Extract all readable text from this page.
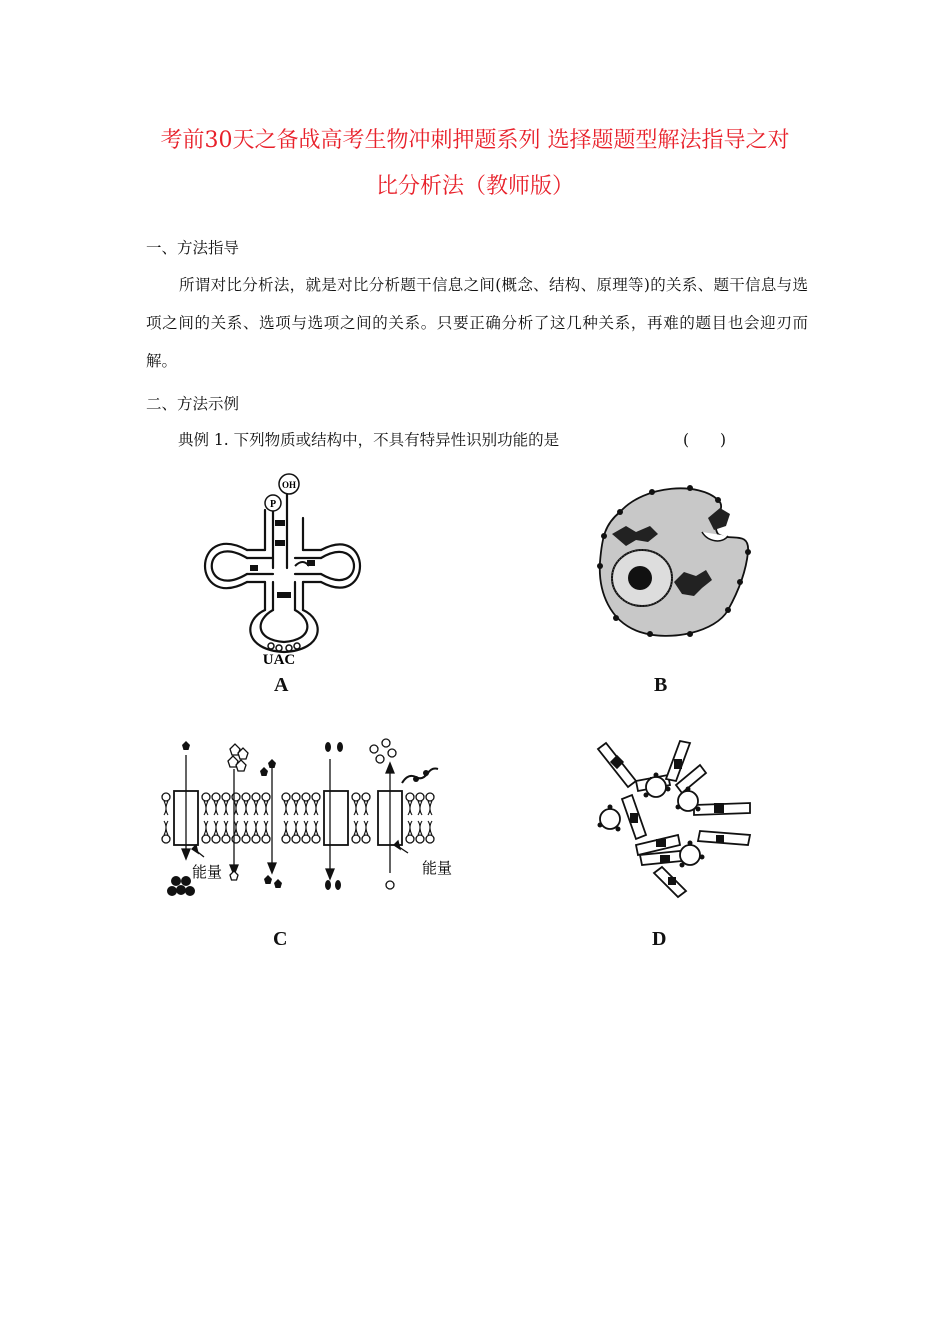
考前30天之备战高考生物冲刺押题系列 选择题题型解法指导之对
比分析法（教师版）
一、方法指导
所谓对比分析法，就是对比分析题干信息之间(概念、结构、原理等)的关系、题干信息与选项之间的关系、选项与选项之间的关系。只要正确分析了这几种关系，再难的题目也会迎刃而解。
二、方法示例
典例 1. 下列物质或结构中，不具有特异性识别功能的是	(　　)
P
OH
UAC
A	B
能量	能量
C	D
